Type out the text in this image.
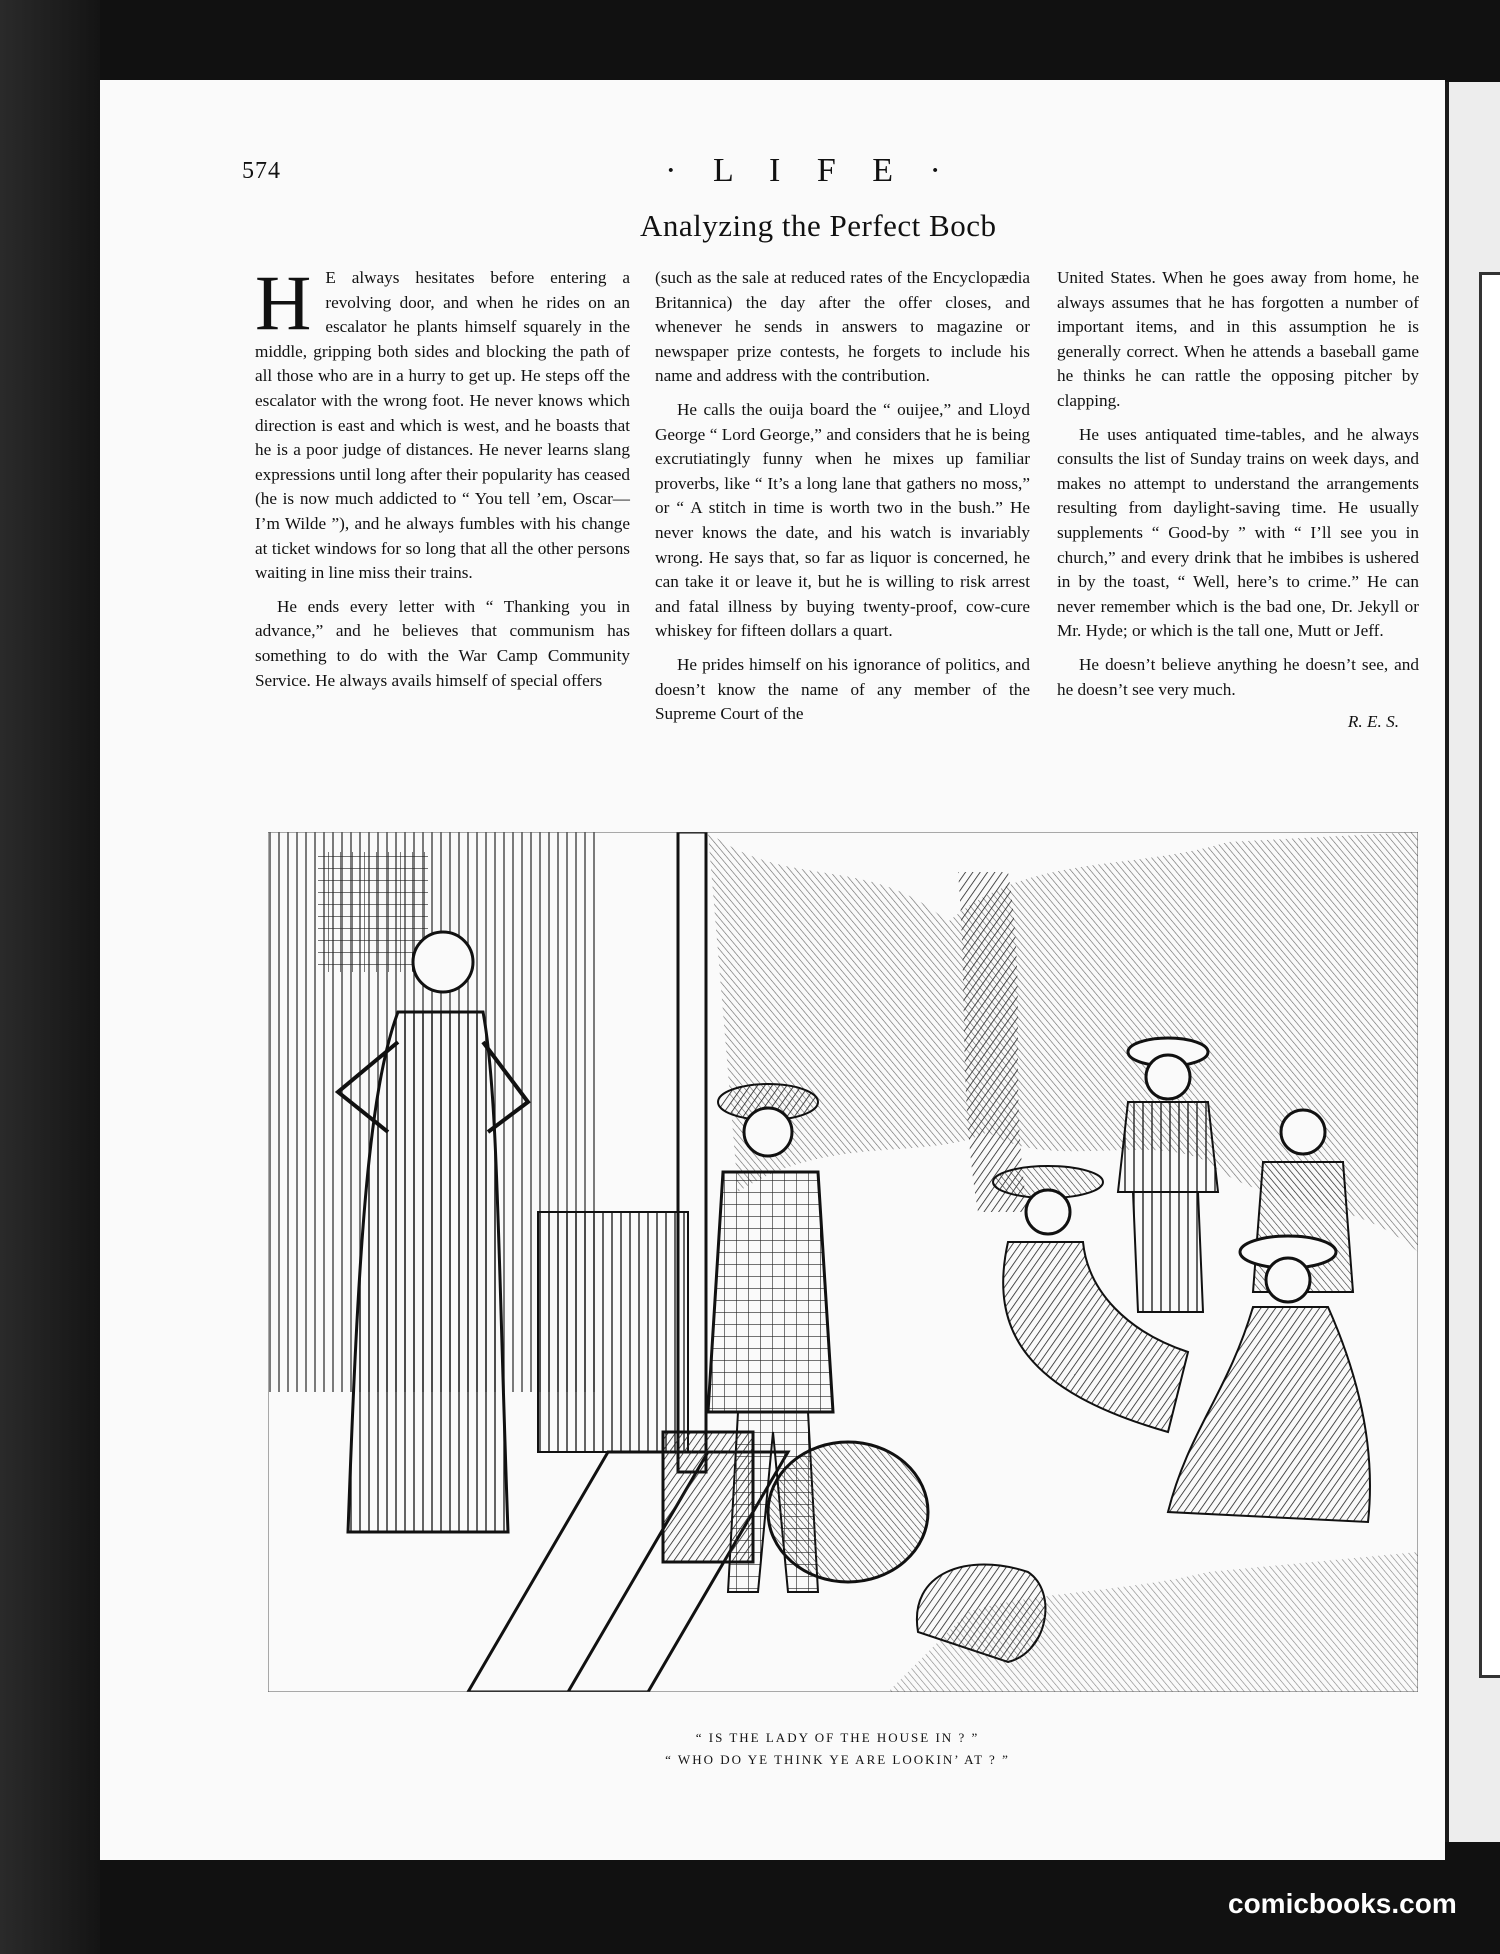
574	· L I F E ·
Analyzing the Perfect Bocb

H E always hesitates before entering a revolving door, and when he rides on an escalator he plants himself squarely in the middle, gripping both sides and blocking the path of all those who are in a hurry to get up. He steps off the escalator with the wrong foot. He never knows which direction is east and which is west, and he boasts that he is a poor judge of distances. He never learns slang expressions until long after their popularity has ceased (he is now much addicted to “ You tell ’em, Oscar—I’m Wilde ”), and he always fumbles with his change at ticket windows for so long that all the other persons waiting in line miss their trains.

He ends every letter with “ Thanking you in advance,” and he believes that communism has something to do with the War Camp Community Service. He always avails himself of special offers

(such as the sale at reduced rates of the Encyclopædia Britannica) the day after the offer closes, and whenever he sends in answers to magazine or newspaper prize contests, he forgets to include his name and address with the contribution.

He calls the ouija board the “ ouijee,” and Lloyd George “ Lord George,” and considers that he is being excrutiatingly funny when he mixes up familiar proverbs, like “ It’s a long lane that gathers no moss,” or “ A stitch in time is worth two in the bush.” He never knows the date, and his watch is invariably wrong. He says that, so far as liquor is concerned, he can take it or leave it, but he is willing to risk arrest and fatal illness by buying twenty-proof, cow-cure whiskey for fifteen dollars a quart.

He prides himself on his ignorance of politics, and doesn’t know the name of any member of the Supreme Court of the

United States. When he goes away from home, he always assumes that he has forgotten a number of important items, and in this assumption he is generally correct. When he attends a baseball game he thinks he can rattle the opposing pitcher by clapping.

He uses antiquated time-tables, and he always consults the list of Sunday trains on week days, and makes no attempt to understand the arrangements resulting from daylight-saving time. He usually supplements “ Good-by ” with “ I’ll see you in church,” and every drink that he imbibes is ushered in by the toast, “ Well, here’s to crime.” He can never remember which is the bad one, Dr. Jekyll or Mr. Hyde; or which is the tall one, Mutt or Jeff.

He doesn’t believe anything he doesn’t see, and he doesn’t see very much.

R. E. S.

“ IS THE LADY OF THE HOUSE IN ? ”
“ WHO DO YE THINK YE ARE LOOKIN’ AT ? ”
comicbooks.com
